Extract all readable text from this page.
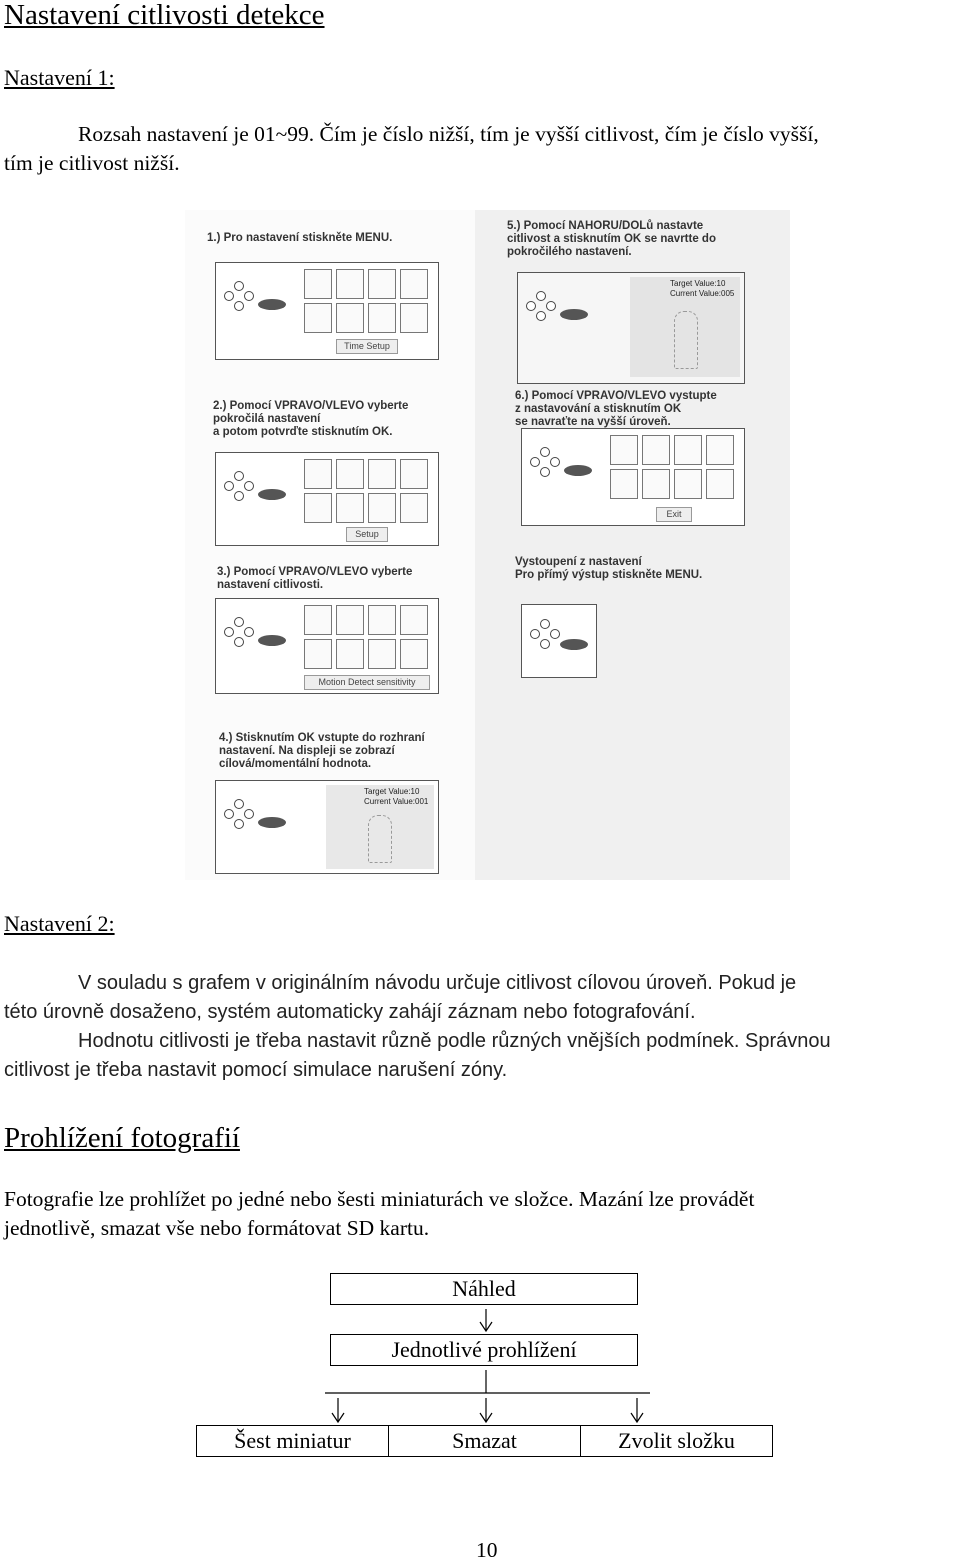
Nastavení citlivosti detekce
Nastavení 1:
Rozsah nastavení je 01~99. Čím je číslo nižší, tím je vyšší citlivost, čím je číslo vyšší,
tím je citlivost nižší.
1.) Pro nastavení stiskněte MENU.
Time Setup
2.) Pomocí VPRAVO/VLEVO vyberte
pokročilá nastavení
a potom potvrďte stisknutím OK.
Setup
3.) Pomocí VPRAVO/VLEVO vyberte
nastavení citlivosti.
Motion Detect sensitivity
4.) Stisknutím OK vstupte do rozhraní
nastavení. Na displeji se zobrazí
cílová/momentální hodnota.
Target Value:10
Current Value:001
5.) Pomocí NAHORU/DOLů nastavte
citlivost a stisknutím OK se navrtte do
pokročilého nastavení.
Target Value:10
Current Value:005
6.) Pomocí VPRAVO/VLEVO vystupte
z nastavování a stisknutím OK
se navraťte na vyšší úroveň.
Exit
Vystoupení z nastavení
Pro přímý výstup stiskněte MENU.
Nastavení 2:
V souladu s grafem v originálním návodu určuje citlivost cílovou úroveň. Pokud je
této úrovně dosaženo, systém automaticky zahájí záznam nebo fotografování.
Hodnotu citlivosti je třeba nastavit různě podle různých vnějších podmínek. Správnou
citlivost je třeba nastavit pomocí simulace narušení zóny.
Prohlížení fotografií
Fotografie lze prohlížet po jedné nebo šesti miniaturách ve složce. Mazání lze provádět
jednotlivě, smazat vše nebo formátovat SD kartu.
Náhled
Jednotlivé prohlížení
Šest miniatur	Smazat	Zvolit složku
10
